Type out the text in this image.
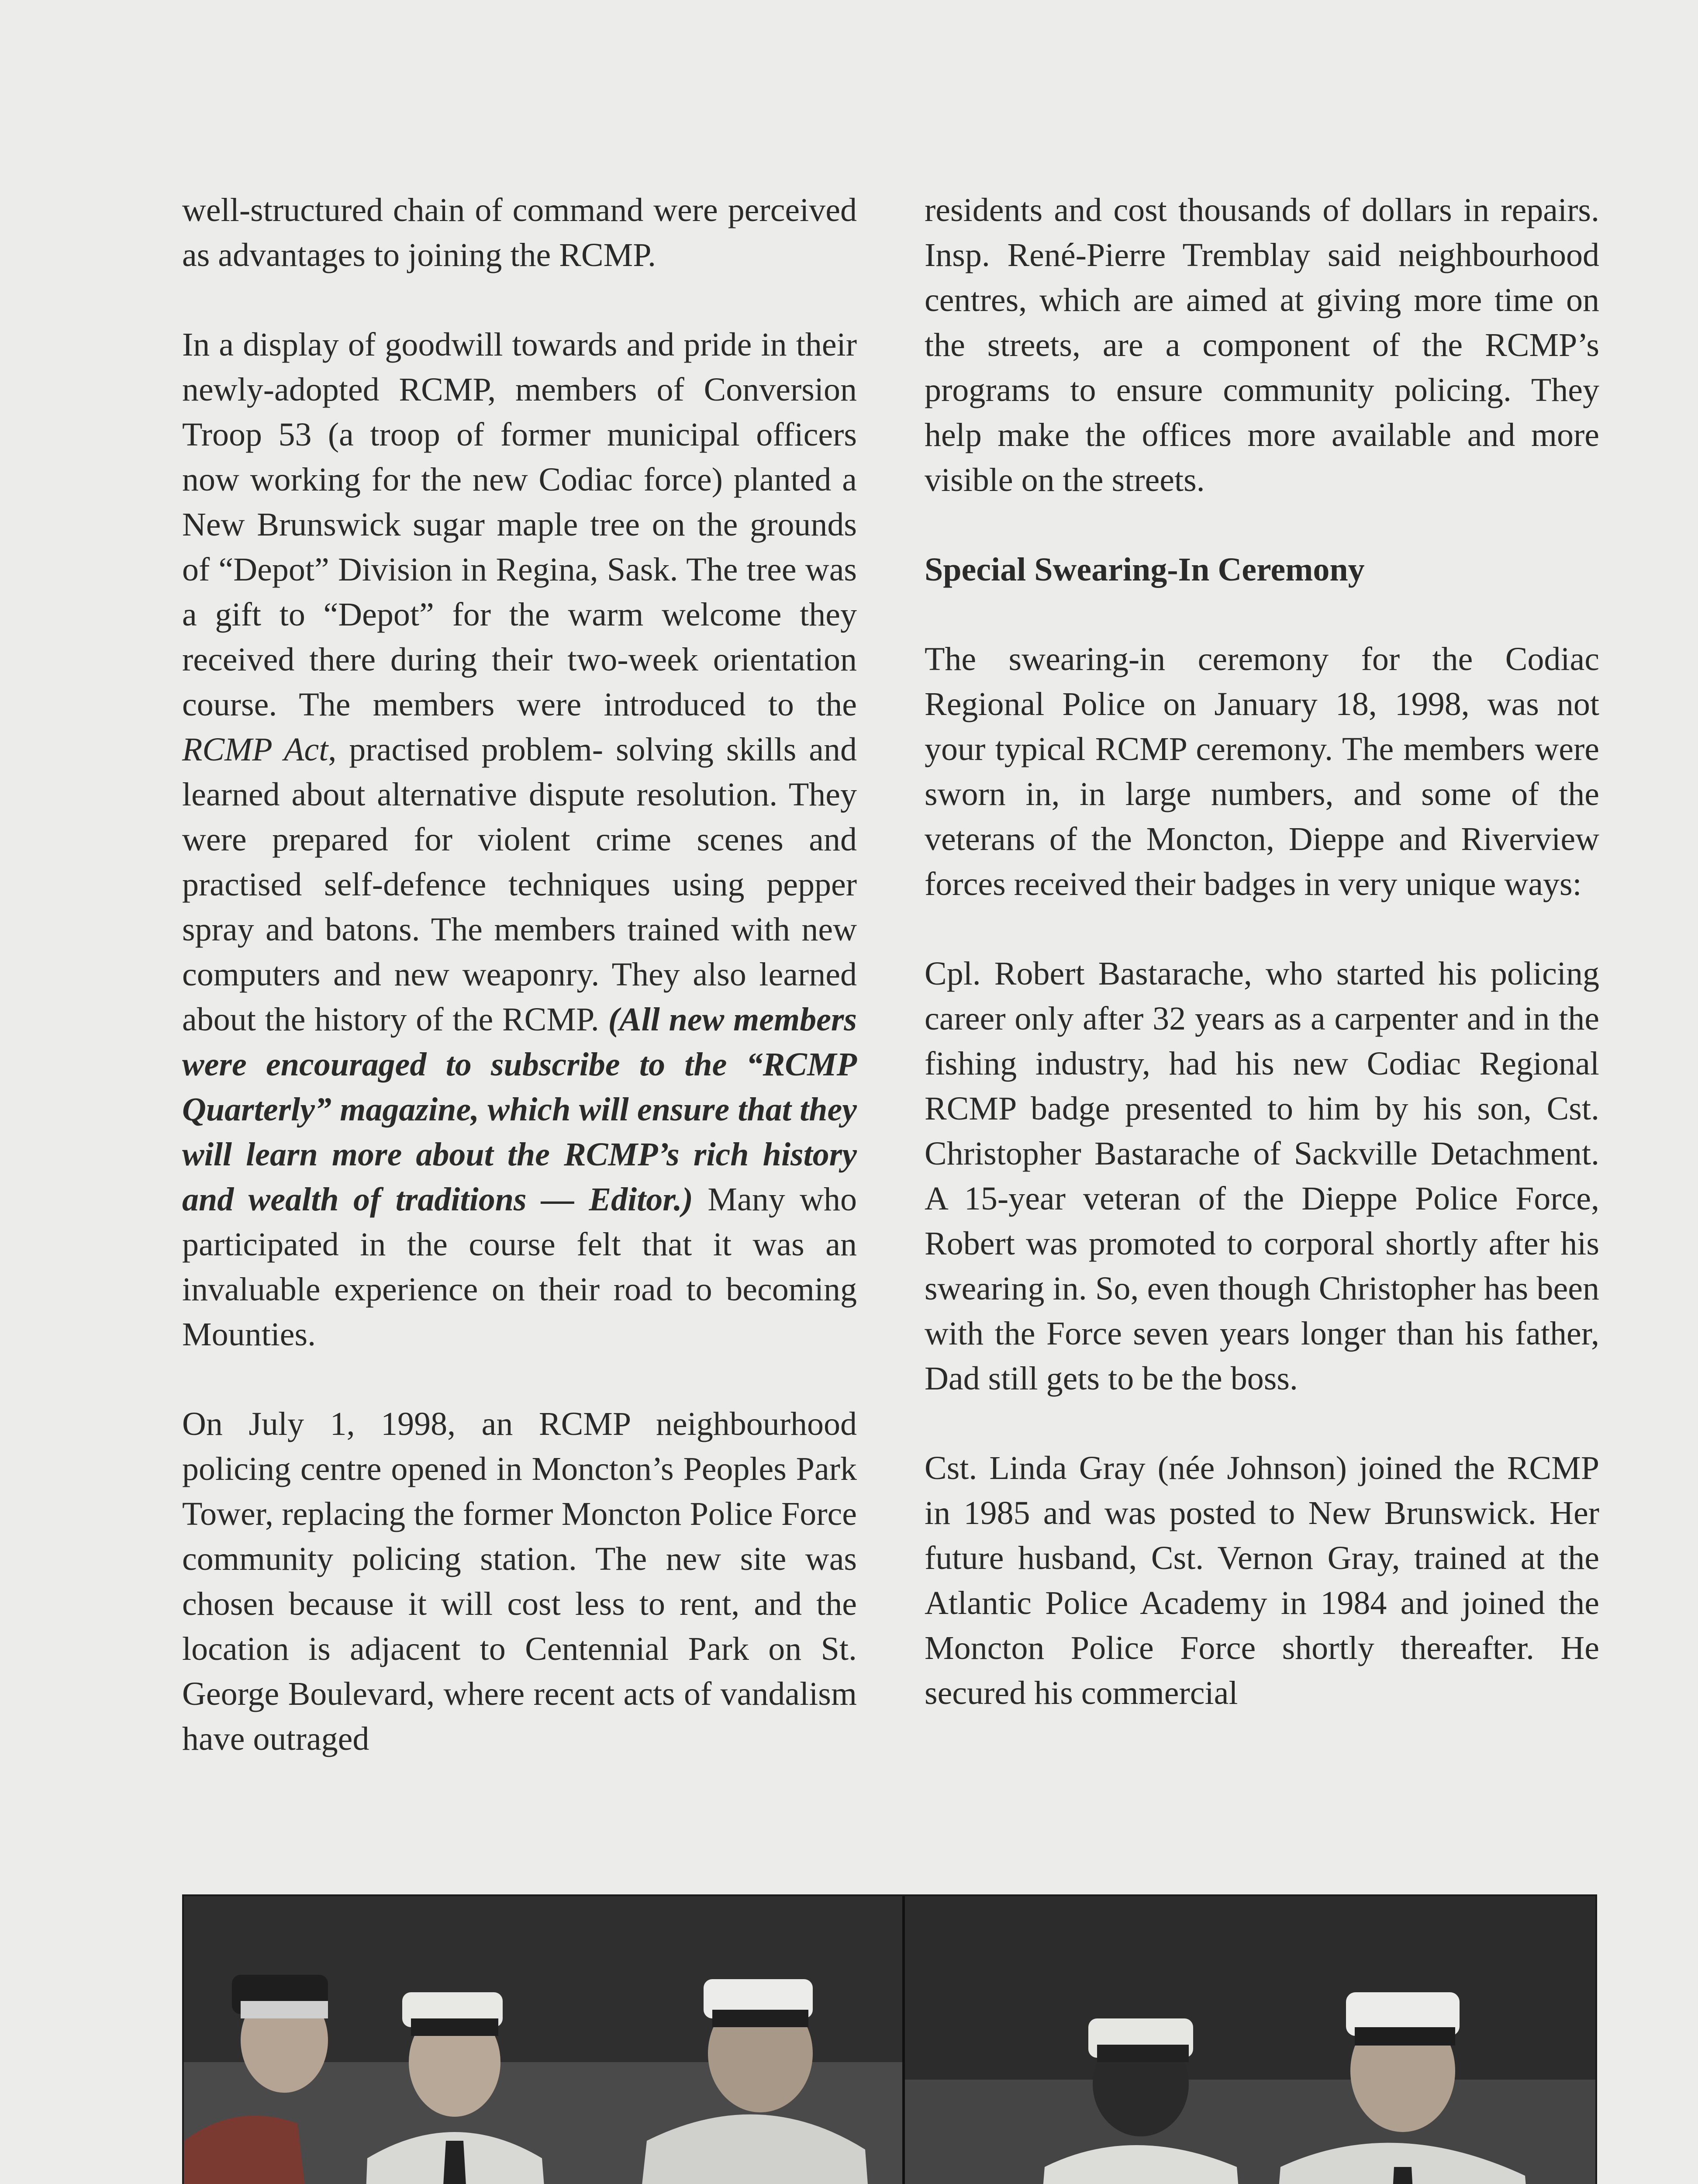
well-structured chain of command were perceived as advantages to joining the RCMP.

In a display of goodwill towards and pride in their newly-adopted RCMP, members of Conversion Troop 53 (a troop of former municipal officers now working for the new Codiac force) planted a New Brunswick sugar maple tree on the grounds of “Depot” Division in Regina, Sask. The tree was a gift to “Depot” for the warm welcome they received there during their two-week orientation course. The members were introduced to the RCMP Act, practised problem- solving skills and learned about alternative dispute resolution. They were prepared for violent crime scenes and practised self-defence techniques using pepper spray and batons. The members trained with new computers and new weaponry. They also learned about the history of the RCMP. (All new members were encouraged to subscribe to the “RCMP Quarterly” magazine, which will ensure that they will learn more about the RCMP’s rich history and wealth of traditions — Editor.) Many who participated in the course felt that it was an invaluable experience on their road to becoming Mounties.

On July 1, 1998, an RCMP neighbourhood policing centre opened in Moncton’s Peoples Park Tower, replacing the former Moncton Police Force community policing station. The new site was chosen because it will cost less to rent, and the location is adjacent to Centennial Park on St. George Boulevard, where recent acts of vandalism have outraged

residents and cost thousands of dollars in repairs. Insp. René-Pierre Tremblay said neighbourhood centres, which are aimed at giving more time on the streets, are a component of the RCMP’s programs to ensure community policing. They help make the offices more available and more visible on the streets.

Special Swearing-In Ceremony

The swearing-in ceremony for the Codiac Regional Police on January 18, 1998, was not your typical RCMP ceremony. The members were sworn in, in large numbers, and some of the veterans of the Moncton, Dieppe and Riverview forces received their badges in very unique ways:

Cpl. Robert Bastarache, who started his policing career only after 32 years as a carpenter and in the fishing industry, had his new Codiac Regional RCMP badge presented to him by his son, Cst. Christopher Bastarache of Sackville Detachment. A 15-year veteran of the Dieppe Police Force, Robert was promoted to corporal shortly after his swearing in. So, even though Christopher has been with the Force seven years longer than his father, Dad still gets to be the boss.

Cst. Linda Gray (née Johnson) joined the RCMP in 1985 and was posted to New Brunswick. Her future husband, Cst. Vernon Gray, trained at the Atlantic Police Academy in 1984 and joined the Moncton Police Force shortly thereafter. He secured his commercial
